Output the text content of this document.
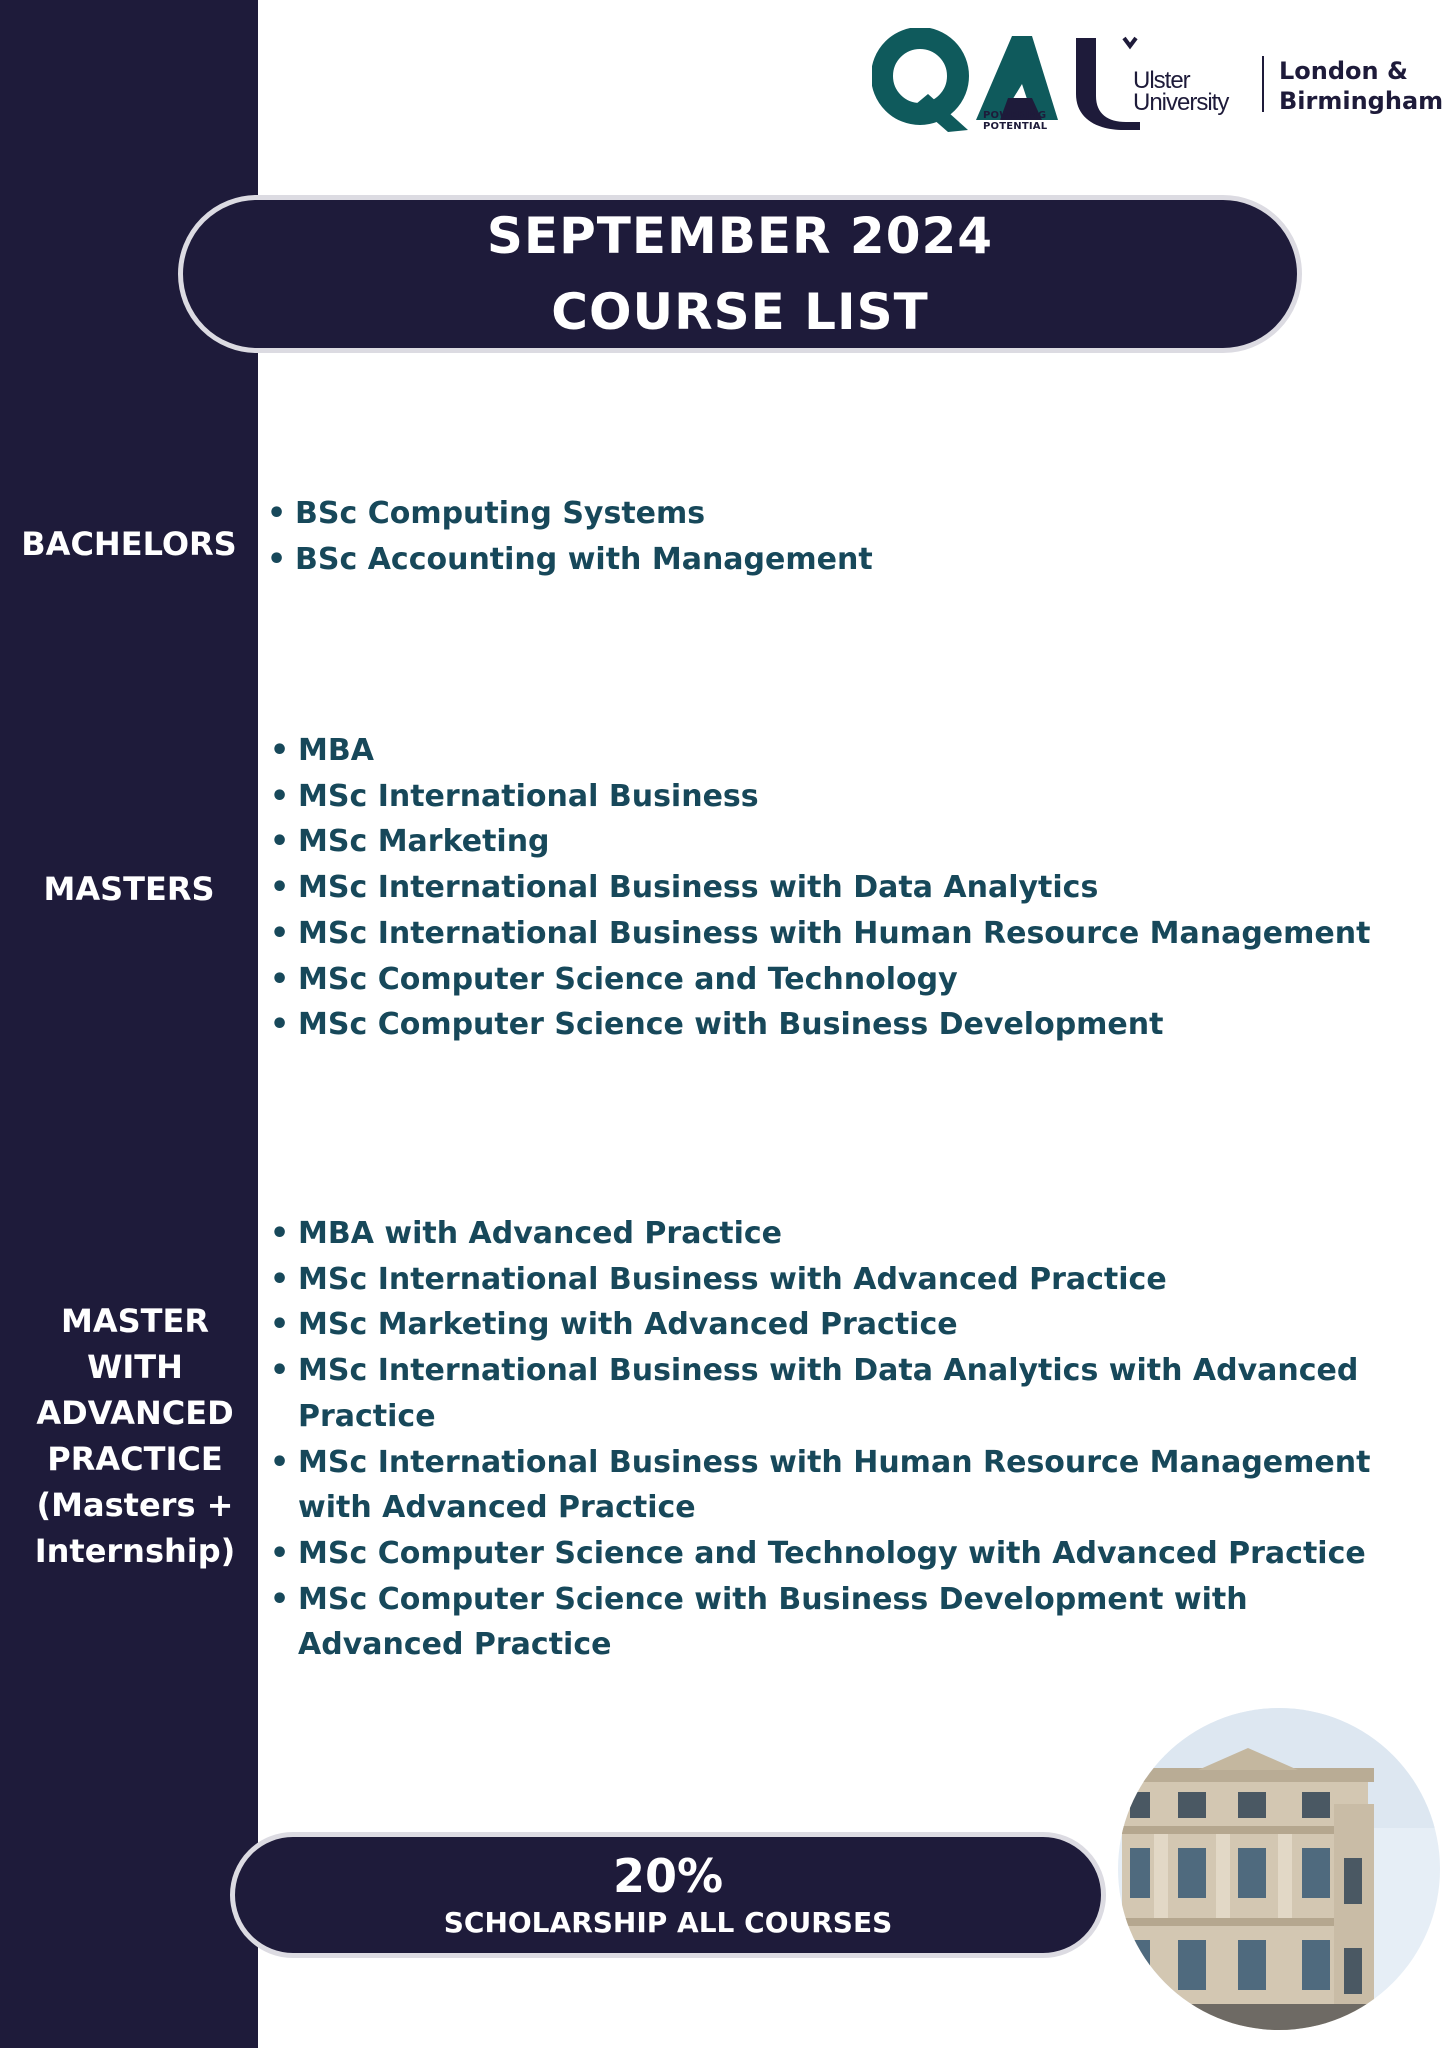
POWERING
POTENTIAL
Ulster
University
London &
Birmingham
SEPTEMBER 2024
COURSE LIST
BACHELORS
• BSc Computing Systems
• BSc Accounting with Management
MASTERS
• MBA
• MSc International Business
• MSc Marketing
• MSc International Business with Data Analytics
• MSc International Business with Human Resource Management
• MSc Computer Science and Technology
• MSc Computer Science with Business Development
MASTER
WITH
ADVANCED
PRACTICE
(Masters +
Internship)
• MBA with Advanced Practice
• MSc International Business with Advanced Practice
• MSc Marketing with Advanced Practice
• MSc International Business with Data Analytics with Advanced Practice
• MSc International Business with Human Resource Management with Advanced Practice
• MSc Computer Science and Technology with Advanced Practice
• MSc Computer Science with Business Development with Advanced Practice
20%
SCHOLARSHIP ALL COURSES
